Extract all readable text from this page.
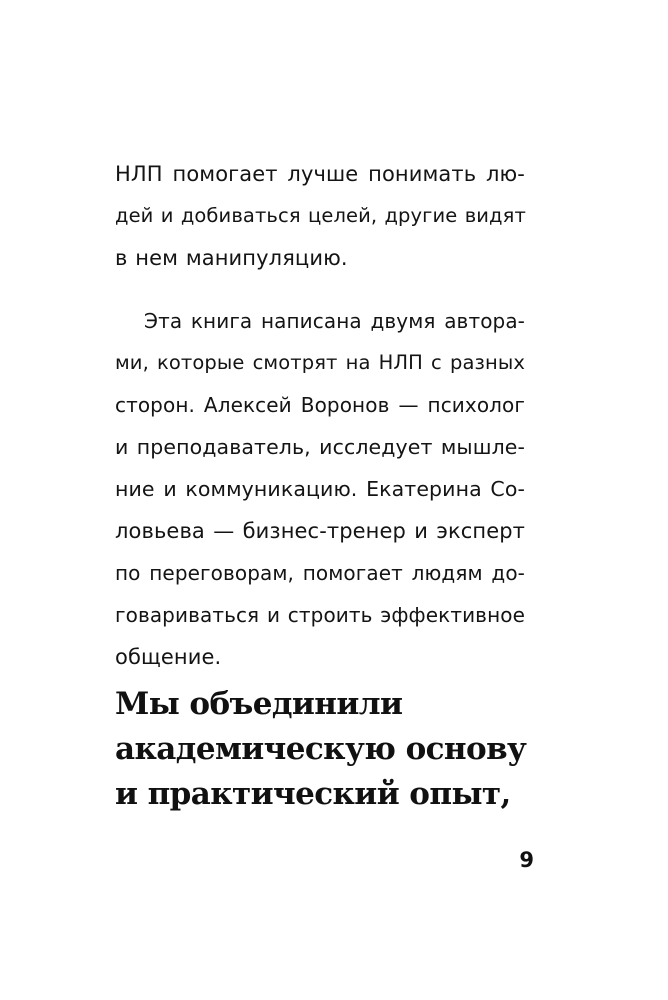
НЛП помогает лучше понимать лю-
дей и добиваться целей, другие видят
в нем манипуляцию.
Эта книга написана двумя автора-
ми, которые смотрят на НЛП с разных
сторон. Алексей Воронов — психолог
и преподаватель, исследует мышле-
ние и коммуникацию. Екатерина Со-
ловьева — бизнес-тренер и эксперт
по переговорам, помогает людям до-
говариваться и строить эффективное
общение.
Мы объединили
академическую основу
и практический опыт,
9
